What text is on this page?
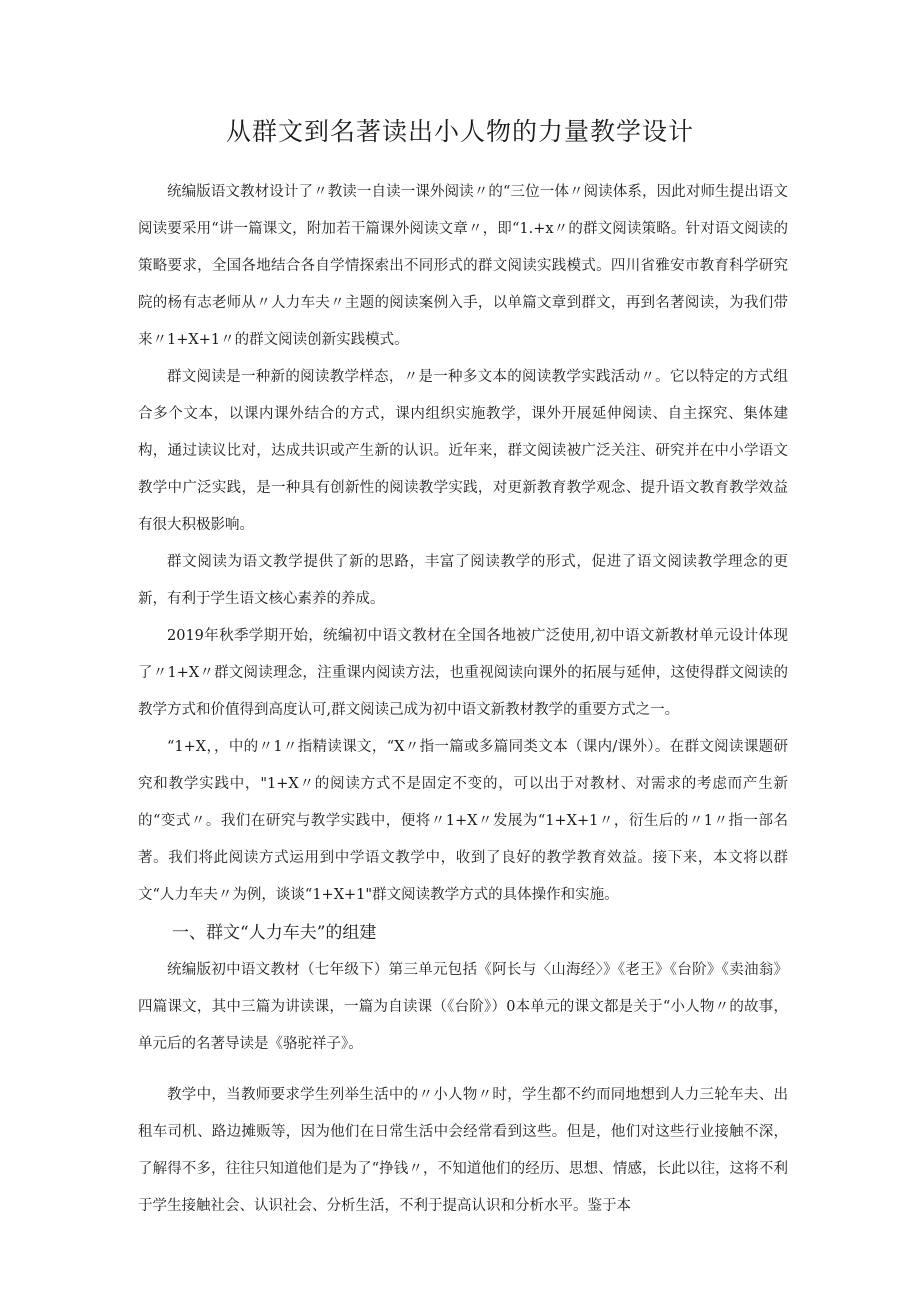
从群文到名著读出小人物的力量教学设计

统编版语文教材设计了〃教读一自读一课外阅读〃的“三位一体〃阅读体系，因此对师生提出语文阅读要采用“讲一篇课文，附加若干篇课外阅读文章〃，即“1.+x〃的群文阅读策略。针对语文阅读的策略要求，全国各地结合各自学情探索出不同形式的群文阅读实践模式。四川省雅安市教育科学研究院的杨有志老师从〃人力车夫〃主题的阅读案例入手，以单篇文章到群文，再到名著阅读，为我们带来〃1+X+1〃的群文阅读创新实践模式。

群文阅读是一种新的阅读教学样态，〃是一种多文本的阅读教学实践活动〃。它以特定的方式组合多个文本，以课内课外结合的方式，课内组织实施教学，课外开展延伸阅读、自主探究、集体建构，通过读议比对，达成共识或产生新的认识。近年来，群文阅读被广泛关注、研究并在中小学语文教学中广泛实践，是一种具有创新性的阅读教学实践，对更新教育教学观念、提升语文教育教学效益有很大积极影响。

群文阅读为语文教学提供了新的思路，丰富了阅读教学的形式，促进了语文阅读教学理念的更新，有利于学生语文核心素养的养成。

2019年秋季学期开始，统编初中语文教材在全国各地被广泛使用,初中语文新教材单元设计体现了〃1+X〃群文阅读理念，注重课内阅读方法，也重视阅读向课外的拓展与延伸，这使得群文阅读的教学方式和价值得到高度认可,群文阅读己成为初中语文新教材教学的重要方式之一。

“1+X，，中的〃1〃指精读课文，“X〃指一篇或多篇同类文本（课内/课外）。在群文阅读课题研究和教学实践中，"1+X〃的阅读方式不是固定不变的，可以出于对教材、对需求的考虑而产生新的“变式〃。我们在研究与教学实践中，便将〃1+X〃发展为“1+X+1〃，衍生后的〃1〃指一部名著。我们将此阅读方式运用到中学语文教学中，收到了良好的教学教育效益。接下来，本文将以群文“人力车夫〃为例，谈谈“1+X+1"群文阅读教学方式的具体操作和实施。

一、群文“人力车夫”的组建

统编版初中语文教材（七年级下）第三单元包括《阿长与〈山海经〉》《老王》《台阶》《卖油翁》四篇课文，其中三篇为讲读课，一篇为自读课（《台阶》）0本单元的课文都是关于“小人物〃的故事，单元后的名著导读是《骆驼祥子》。

教学中，当教师要求学生列举生活中的〃小人物〃时，学生都不约而同地想到人力三轮车夫、出租车司机、路边摊贩等，因为他们在日常生活中会经常看到这些。但是，他们对这些行业接触不深，了解得不多，往往只知道他们是为了“挣钱〃，不知道他们的经历、思想、情感，长此以往，这将不利于学生接触社会、认识社会、分析生活，不利于提高认识和分析水平。鉴于本
